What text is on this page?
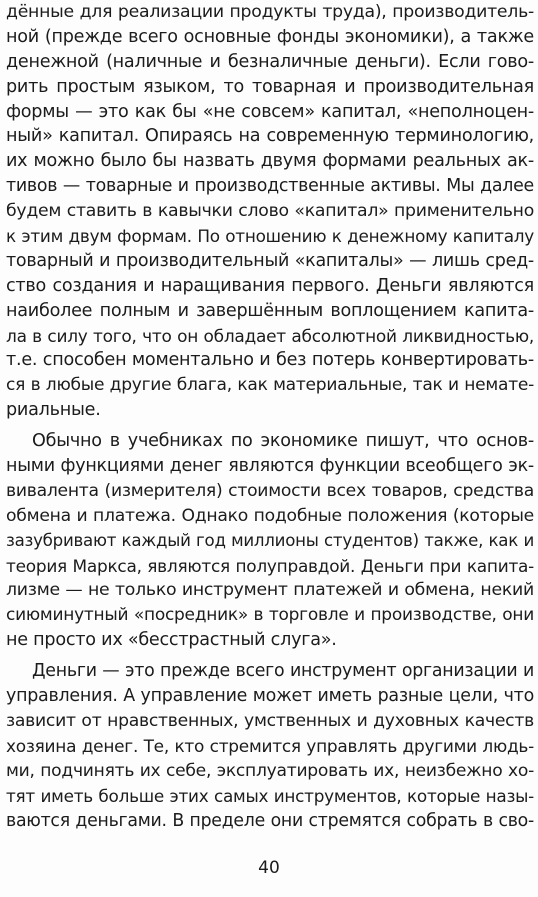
дённые для реализации продукты труда), производитель-
ной (прежде всего основные фонды экономики), а также
денежной (наличные и безналичные деньги). Если гово-
рить простым языком, то товарная и производительная
формы — это как бы «не совсем» капитал, «неполноцен-
ный» капитал. Опираясь на современную терминологию,
их можно было бы назвать двумя формами реальных ак-
тивов — товарные и производственные активы. Мы далее
будем ставить в кавычки слово «капитал» применительно
к этим двум формам. По отношению к денежному капиталу
товарный и производительный «капиталы» — лишь сред-
ство создания и наращивания первого. Деньги являются
наиболее полным и завершённым воплощением капита-
ла в силу того, что он обладает абсолютной ликвидностью,
т.е. способен моментально и без потерь конвертировать-
ся в любые другие блага, как материальные, так и немате-
риальные.
Обычно в учебниках по экономике пишут, что основ-
ными функциями денег являются функции всеобщего эк-
вивалента (измерителя) стоимости всех товаров, средства
обмена и платежа. Однако подобные положения (которые
зазубривают каждый год миллионы студентов) также, как и
теория Маркса, являются полуправдой. Деньги при капита-
лизме — не только инструмент платежей и обмена, некий
сиюминутный «посредник» в торговле и производстве, они
не просто их «бесстрастный слуга».
Деньги — это прежде всего инструмент организации и
управления. А управление может иметь разные цели, что
зависит от нравственных, умственных и духовных качеств
хозяина денег. Те, кто стремится управлять другими людь-
ми, подчинять их себе, эксплуатировать их, неизбежно хо-
тят иметь больше этих самых инструментов, которые назы-
ваются деньгами. В пределе они стремятся собрать в сво-
40
